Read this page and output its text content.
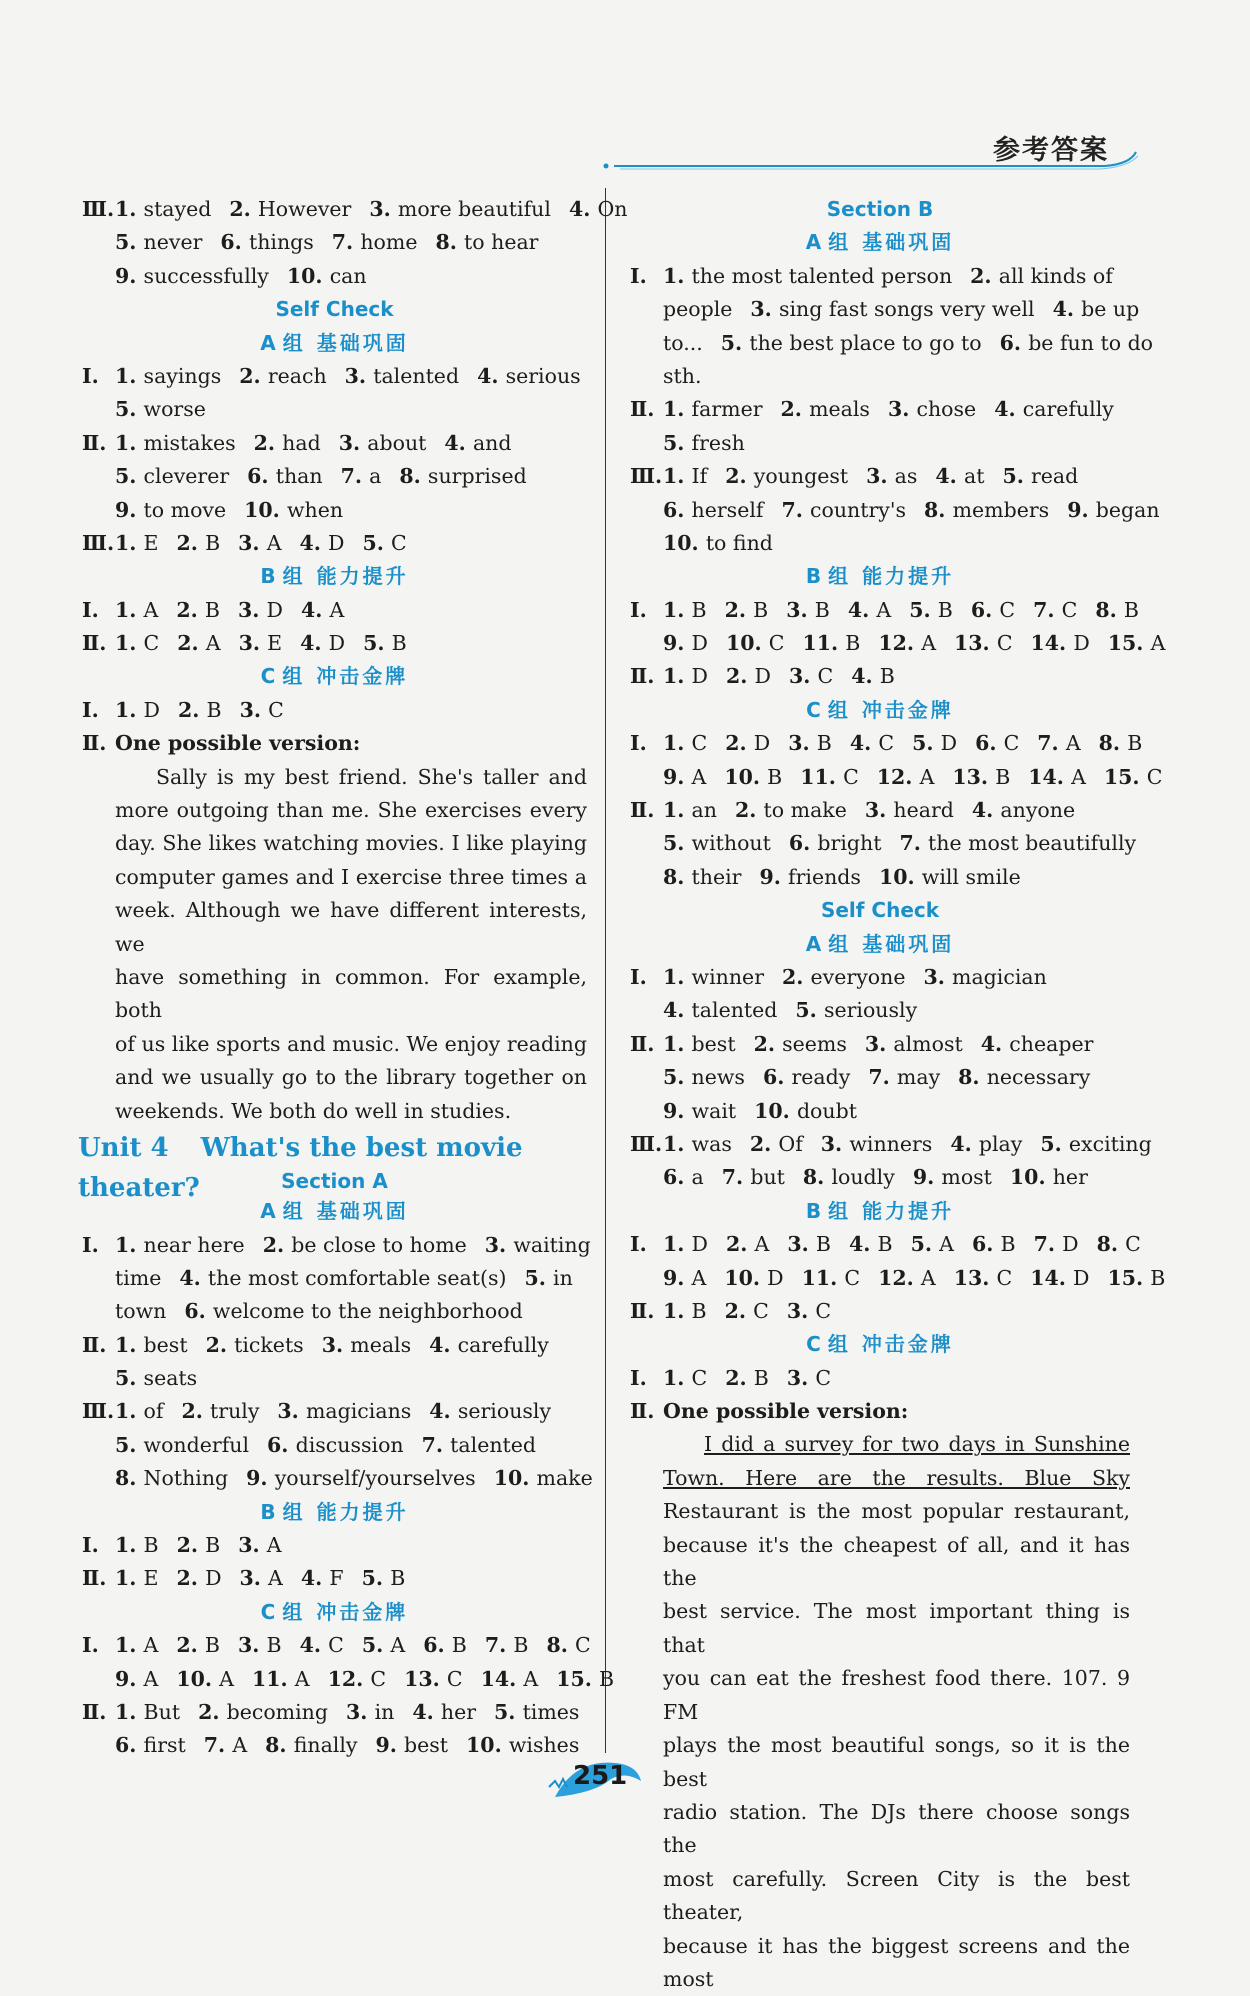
参考答案
Ⅲ.1. stayed 2. However 3. more beautiful 4. On
5. never 6. things 7. home 8. to hear
9. successfully 10. can
Self Check
A 组 基础巩固
Ⅰ. 1. sayings 2. reach 3. talented 4. serious
5. worse
Ⅱ. 1. mistakes 2. had 3. about 4. and
5. cleverer 6. than 7. a 8. surprised
9. to move 10. when
Ⅲ.1. E 2. B 3. A 4. D 5. C
B 组 能力提升
Ⅰ. 1. A 2. B 3. D 4. A
Ⅱ. 1. C 2. A 3. E 4. D 5. B
C 组 冲击金牌
Ⅰ. 1. D 2. B 3. C
Ⅱ. One possible version:

Sally is my best friend. She's taller and

more outgoing than me. She exercises every

day. She likes watching movies. I like playing

computer games and I exercise three times a

week. Although we have different interests, we

have something in common. For example, both

of us like sports and music. We enjoy reading

and we usually go to the library together on

weekends. We both do well in studies.

Unit 4 What's the best movie theater?	Section A
A 组 基础巩固
Ⅰ. 1. near here 2. be close to home 3. waiting
time 4. the most comfortable seat(s) 5. in
town 6. welcome to the neighborhood
Ⅱ. 1. best 2. tickets 3. meals 4. carefully
5. seats
Ⅲ.1. of 2. truly 3. magicians 4. seriously
5. wonderful 6. discussion 7. talented
8. Nothing 9. yourself/yourselves 10. make
B 组 能力提升
Ⅰ. 1. B 2. B 3. A
Ⅱ. 1. E 2. D 3. A 4. F 5. B
C 组 冲击金牌
Ⅰ. 1. A 2. B 3. B 4. C 5. A 6. B 7. B 8. C
9. A 10. A 11. A 12. C 13. C 14. A 15. B
Ⅱ. 1. But 2. becoming 3. in 4. her 5. times
6. first 7. A 8. finally 9. best 10. wishes
Section B
A 组 基础巩固
Ⅰ. 1. the most talented person 2. all kinds of
people 3. sing fast songs very well 4. be up
to... 5. the best place to go to 6. be fun to do
sth.
Ⅱ. 1. farmer 2. meals 3. chose 4. carefully
5. fresh
Ⅲ.1. If 2. youngest 3. as 4. at 5. read
6. herself 7. country's 8. members 9. began
10. to find
B 组 能力提升
Ⅰ. 1. B 2. B 3. B 4. A 5. B 6. C 7. C 8. B
9. D 10. C 11. B 12. A 13. C 14. D 15. A
Ⅱ. 1. D 2. D 3. C 4. B
C 组 冲击金牌
Ⅰ. 1. C 2. D 3. B 4. C 5. D 6. C 7. A 8. B
9. A 10. B 11. C 12. A 13. B 14. A 15. C
Ⅱ. 1. an 2. to make 3. heard 4. anyone
5. without 6. bright 7. the most beautifully
8. their 9. friends 10. will smile
Self Check
A 组 基础巩固
Ⅰ. 1. winner 2. everyone 3. magician
4. talented 5. seriously
Ⅱ. 1. best 2. seems 3. almost 4. cheaper
5. news 6. ready 7. may 8. necessary
9. wait 10. doubt
Ⅲ.1. was 2. Of 3. winners 4. play 5. exciting
6. a 7. but 8. loudly 9. most 10. her
B 组 能力提升
Ⅰ. 1. D 2. A 3. B 4. B 5. A 6. B 7. D 8. C
9. A 10. D 11. C 12. A 13. C 14. D 15. B
Ⅱ. 1. B 2. C 3. C
C 组 冲击金牌
Ⅰ. 1. C 2. B 3. C
Ⅱ. One possible version:

I did a survey for two days in Sunshine

Town. Here are the results. Blue Sky

Restaurant is the most popular restaurant,

because it's the cheapest of all, and it has the

best service. The most important thing is that

you can eat the freshest food there. 107. 9 FM

plays the most beautiful songs, so it is the best

radio station. The DJs there choose songs the

most carefully. Screen City is the best theater,

because it has the biggest screens and the most

251
